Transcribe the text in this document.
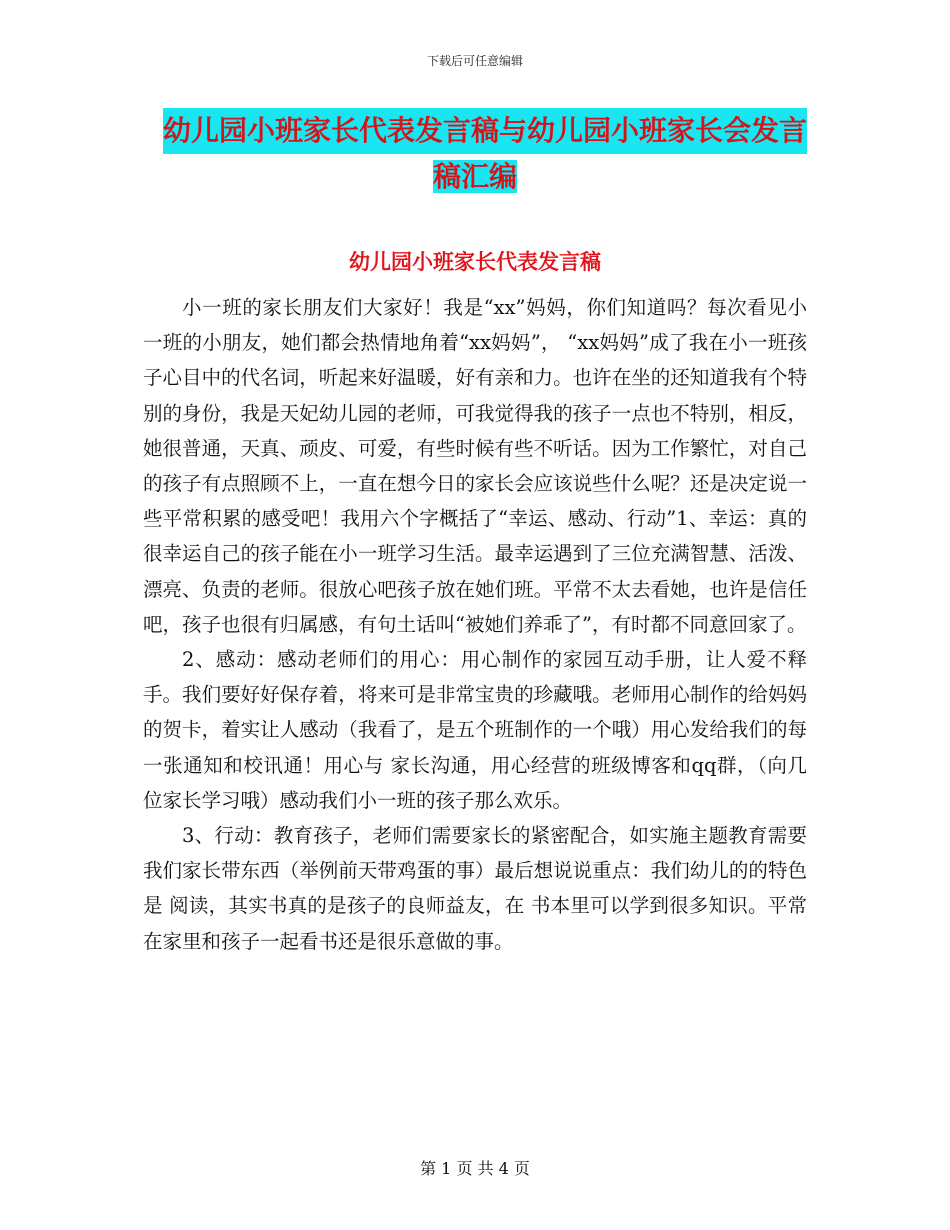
下载后可任意编辑
幼儿园小班家长代表发言稿与幼儿园小班家长会发言
稿汇编
幼儿园小班家长代表发言稿

小一班的家长朋友们大家好！我是“xx”妈妈，你们知道吗？每次看见小一班的小朋友，她们都会热情地角着“xx妈妈”， “xx妈妈”成了我在小一班孩子心目中的代名词，听起来好温暖，好有亲和力。也许在坐的还知道我有个特别的身份，我是天妃幼儿园的老师，可我觉得我的孩子一点也不特别，相反，她很普通，天真、顽皮、可爱，有些时候有些不听话。因为工作繁忙，对自己的孩子有点照顾不上，一直在想今日的家长会应该说些什么呢？还是决定说一些平常积累的感受吧！我用六个字概括了“幸运、感动、行动”1、幸运：真的很幸运自己的孩子能在小一班学习生活。最幸运遇到了三位充满智慧、活泼、漂亮、负责的老师。很放心吧孩子放在她们班。平常不太去看她，也许是信任吧，孩子也很有归属感，有句土话叫“被她们养乖了”，有时都不同意回家了。

2、感动：感动老师们的用心：用心制作的家园互动手册，让人爱不释手。我们要好好保存着，将来可是非常宝贵的珍藏哦。老师用心制作的给妈妈的贺卡，着实让人感动（我看了，是五个班制作的一个哦）用心发给我们的每一张通知和校讯通！用心与 家长沟通，用心经营的班级博客和qq群，（向几位家长学习哦）感动我们小一班的孩子那么欢乐。

3、行动：教育孩子，老师们需要家长的紧密配合，如实施主题教育需要我们家长带东西（举例前天带鸡蛋的事）最后想说说重点：我们幼儿的的特色是 阅读，其实书真的是孩子的良师益友，在 书本里可以学到很多知识。平常在家里和孩子一起看书还是很乐意做的事。

第 1 页 共 4 页
